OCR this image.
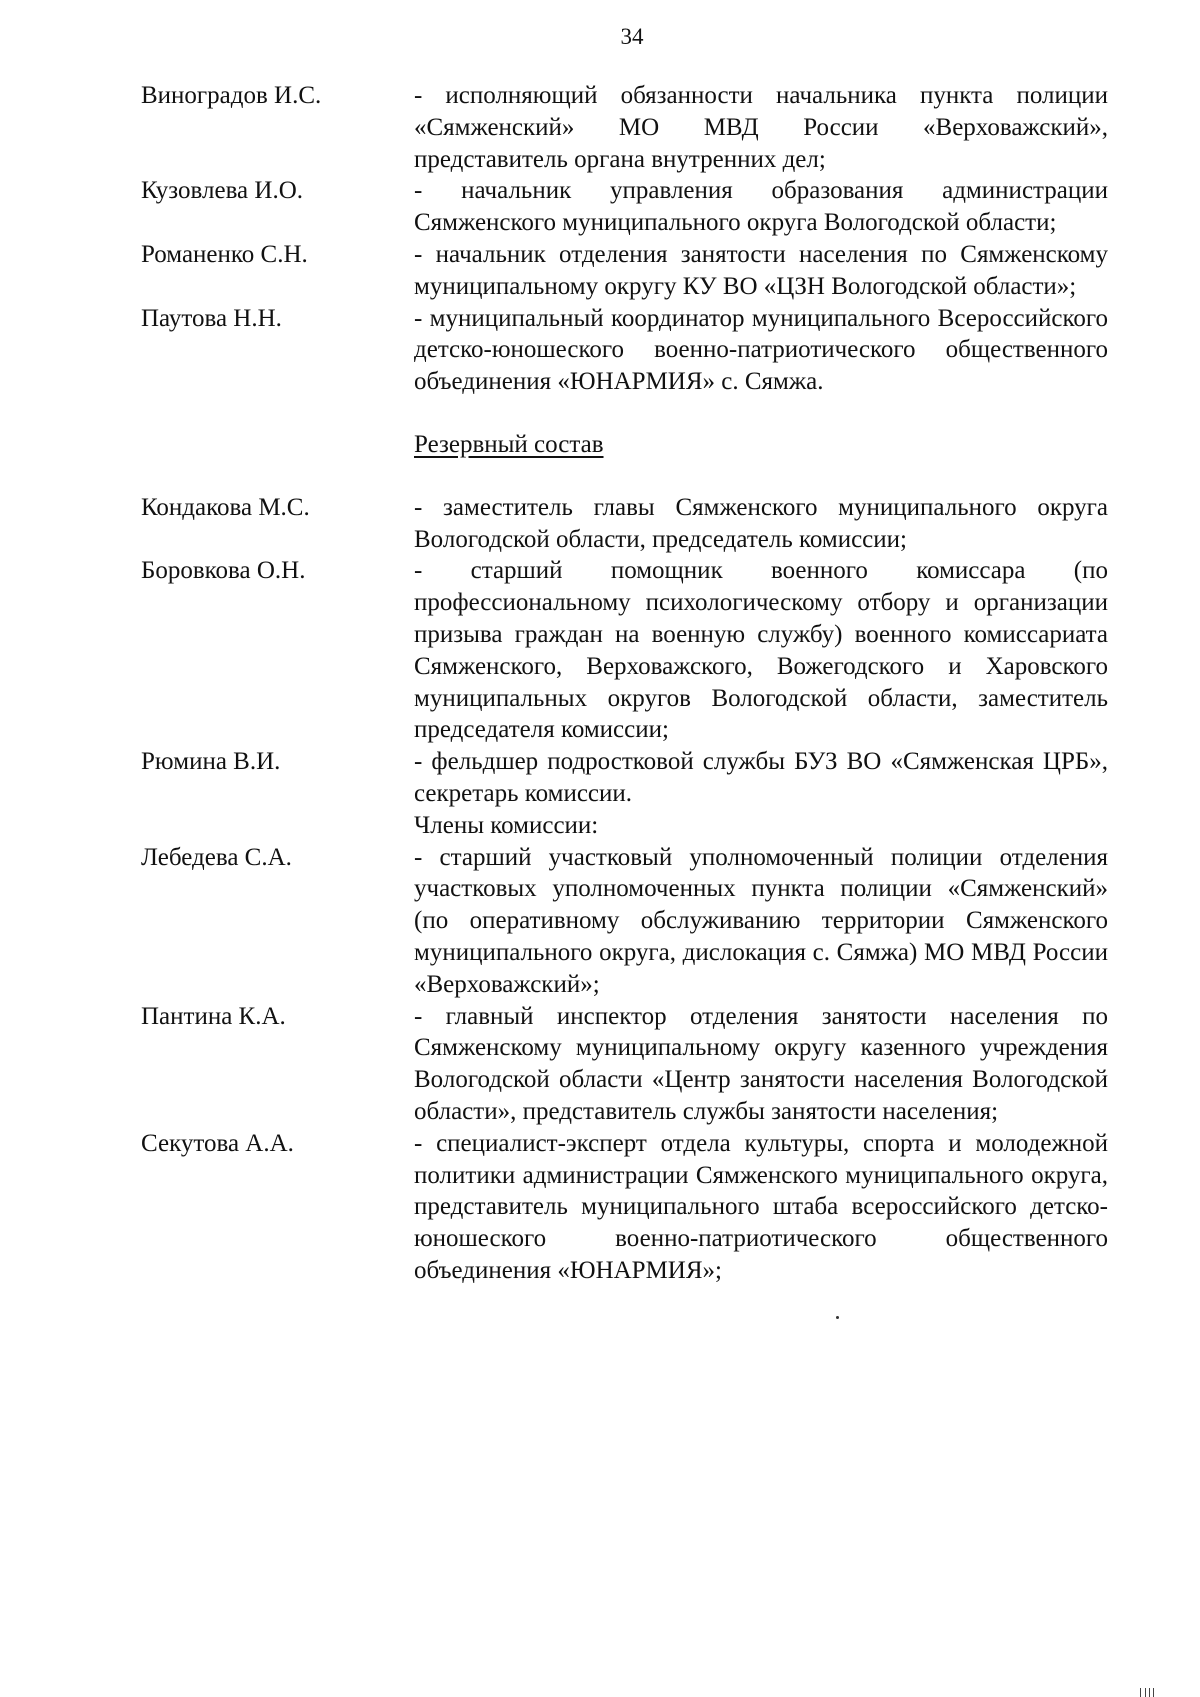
34
Виноградов И.С.	- исполняющий обязанности начальника пункта полиции «Сямженский» МО МВД России «Верховажский», представитель органа внутренних дел;
Кузовлева И.О.	- начальник управления образования администрации Сямженского муниципального округа Вологодской области;
Романенко С.Н.	- начальник отделения занятости населения по Сямженскому муниципальному округу КУ ВО «ЦЗН Вологодской области»;
Паутова Н.Н.	- муниципальный координатор муниципального Всероссийского детско-юношеского военно-патриотического общественного объединения «ЮНАРМИЯ» с. Сямжа.
Резервный состав
Кондакова М.С.	- заместитель главы Сямженского муниципального округа Вологодской области, председатель комиссии;
Боровкова О.Н.	- старший помощник военного комиссара (по профессиональному психологическому отбору и организации призыва граждан на военную службу) военного комиссариата Сямженского, Верховажского, Вожегодского и Харовского муниципальных округов Вологодской области, заместитель председателя комиссии;
Рюмина В.И.	- фельдшер подростковой службы БУЗ ВО «Сямженская ЦРБ», секретарь комиссии.
Члены комиссии:
Лебедева С.А.	- старший участковый уполномоченный полиции отделения участковых уполномоченных пункта полиции «Сямженский» (по оперативному обслуживанию территории Сямженского муниципального округа, дислокация с. Сямжа) МО МВД России «Верховажский»;
Пантина К.А.	- главный инспектор отделения занятости населения по Сямженскому муниципальному округу казенного учреждения Вологодской области «Центр занятости населения Вологодской области», представитель службы занятости населения;
Секутова А.А.	- специалист-эксперт отдела культуры, спорта и молодежной политики администрации Сямженского муниципального округа, представитель муниципального штаба всероссийского детско-юношеского военно-патриотического общественного объединения «ЮНАРМИЯ»;
